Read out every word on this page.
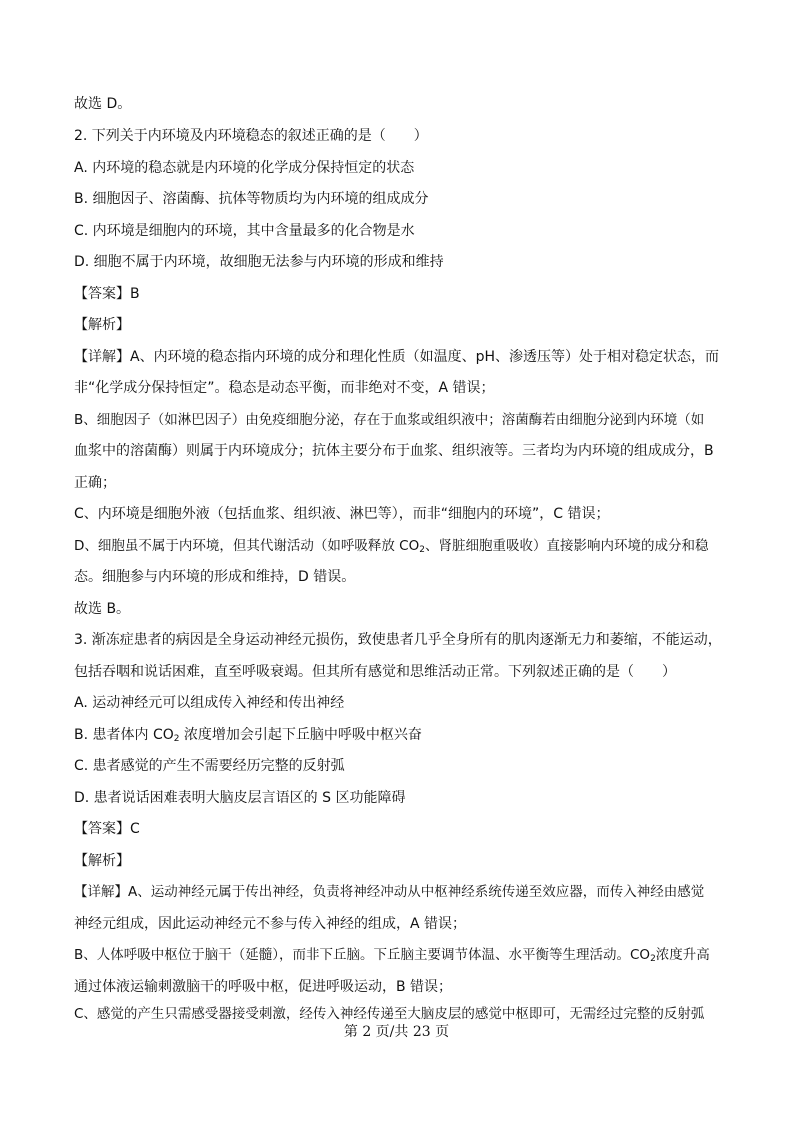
故选 D。
2. 下列关于内环境及内环境稳态的叙述正确的是（　　）
A. 内环境的稳态就是内环境的化学成分保持恒定的状态
B. 细胞因子、溶菌酶、抗体等物质均为内环境的组成成分
C. 内环境是细胞内的环境，其中含量最多的化合物是水
D. 细胞不属于内环境，故细胞无法参与内环境的形成和维持
【答案】B
【解析】
【详解】A、内环境的稳态指内环境的成分和理化性质（如温度、pH、渗透压等）处于相对稳定状态，而
非“化学成分保持恒定”。稳态是动态平衡，而非绝对不变，A 错误；
B、细胞因子（如淋巴因子）由免疫细胞分泌，存在于血浆或组织液中；溶菌酶若由细胞分泌到内环境（如
血浆中的溶菌酶）则属于内环境成分；抗体主要分布于血浆、组织液等。三者均为内环境的组成成分，B
正确；
C、内环境是细胞外液（包括血浆、组织液、淋巴等），而非“细胞内的环境”，C 错误；
D、细胞虽不属于内环境，但其代谢活动（如呼吸释放 $CO_2$、肾脏细胞重吸收）直接影响内环境的成分和稳
态。细胞参与内环境的形成和维持，D 错误。
故选 B。
3. 渐冻症患者的病因是全身运动神经元损伤，致使患者几乎全身所有的肌肉逐渐无力和萎缩，不能运动，
包括吞咽和说话困难，直至呼吸衰竭。但其所有感觉和思维活动正常。下列叙述正确的是（　　）
A. 运动神经元可以组成传入神经和传出神经
B. 患者体内 $CO_2$ 浓度增加会引起下丘脑中呼吸中枢兴奋
C. 患者感觉的产生不需要经历完整的反射弧
D. 患者说话困难表明大脑皮层言语区的 S 区功能障碍
【答案】C
【解析】
【详解】A、运动神经元属于传出神经，负责将神经冲动从中枢神经系统传递至效应器，而传入神经由感觉
神经元组成，因此运动神经元不参与传入神经的组成，A 错误；
B、人体呼吸中枢位于脑干（延髓），而非下丘脑。下丘脑主要调节体温、水平衡等生理活动。$CO_2$浓度升高
通过体液运输刺激脑干的呼吸中枢，促进呼吸运动，B 错误；
C、感觉的产生只需感受器接受刺激，经传入神经传递至大脑皮层的感觉中枢即可，无需经过完整的反射弧
第 2 页/共 23 页
